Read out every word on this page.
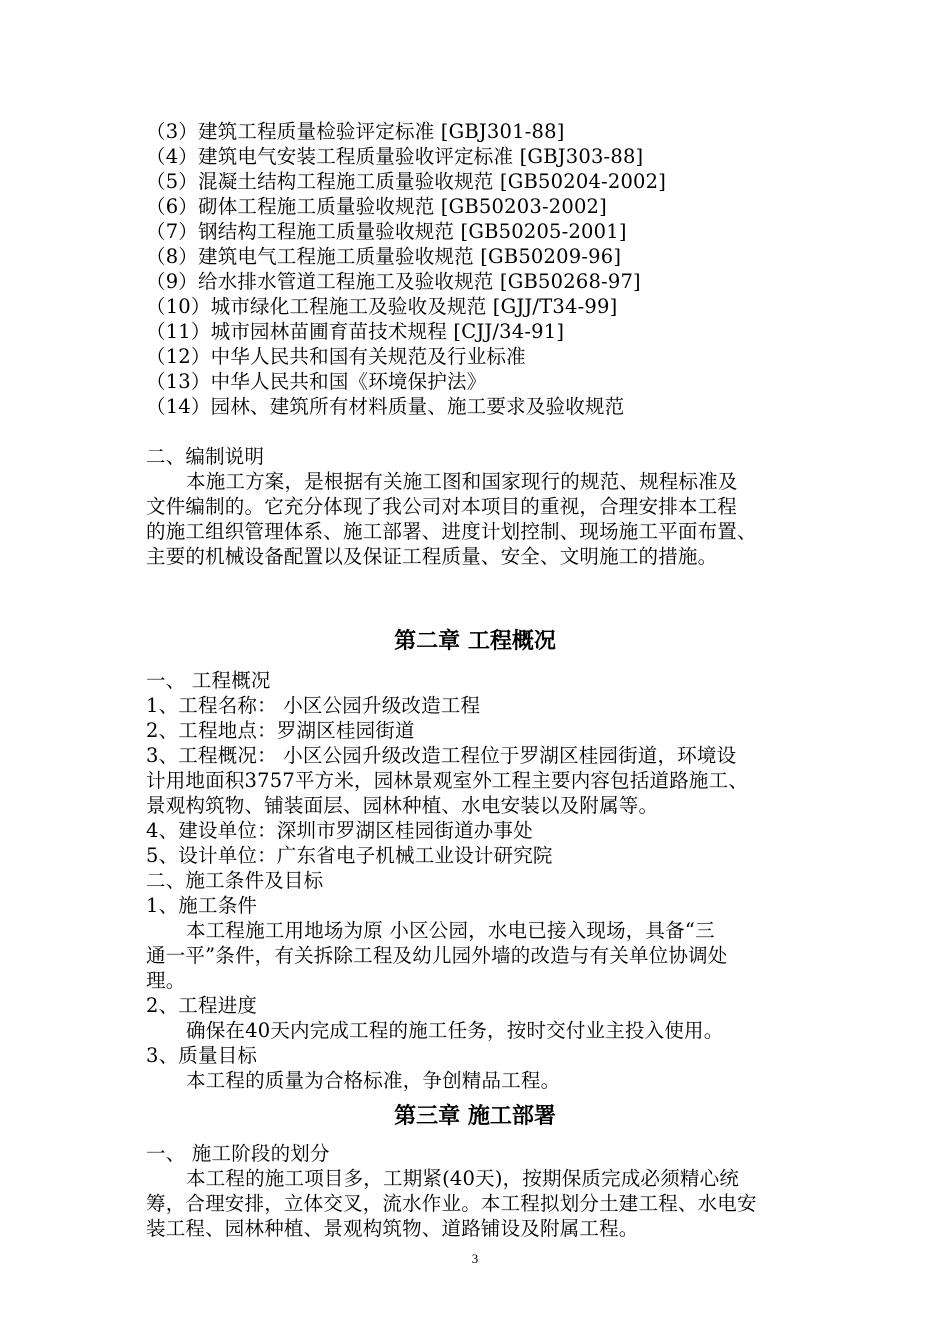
（3）建筑工程质量检验评定标准 [GBJ301-88]
（4）建筑电气安装工程质量验收评定标准 [GBJ303-88]
（5）混凝土结构工程施工质量验收规范 [GB50204-2002]
（6）砌体工程施工质量验收规范 [GB50203-2002]
（7）钢结构工程施工质量验收规范 [GB50205-2001]
（8）建筑电气工程施工质量验收规范 [GB50209-96]
（9）给水排水管道工程施工及验收规范 [GB50268-97]
（10）城市绿化工程施工及验收及规范 [GJJ/T34-99]
（11）城市园林苗圃育苗技术规程 [CJJ/34-91]
（12）中华人民共和国有关规范及行业标准
（13）中华人民共和国《环境保护法》
（14）园林、建筑所有材料质量、施工要求及验收规范
二、编制说明
本施工方案，是根据有关施工图和国家现行的规范、规程标准及
文件编制的。它充分体现了我公司对本项目的重视，合理安排本工程
的施工组织管理体系、施工部署、进度计划控制、现场施工平面布置、
主要的机械设备配置以及保证工程质量、安全、文明施工的措施。
第二章 工程概况
一、 工程概况
1、工程名称： 小区公园升级改造工程
2、工程地点：罗湖区桂园街道
3、工程概况： 小区公园升级改造工程位于罗湖区桂园街道，环境设
计用地面积3757平方米，园林景观室外工程主要内容包括道路施工、
景观构筑物、铺装面层、园林种植、水电安装以及附属等。
4、建设单位：深圳市罗湖区桂园街道办事处
5、设计单位：广东省电子机械工业设计研究院
二、施工条件及目标
1、施工条件
本工程施工用地场为原 小区公园，水电已接入现场，具备“三
通一平”条件，有关拆除工程及幼儿园外墙的改造与有关单位协调处
理。
2、工程进度
确保在40天内完成工程的施工任务，按时交付业主投入使用。
3、质量目标
本工程的质量为合格标准，争创精品工程。
第三章 施工部署
一、 施工阶段的划分
本工程的施工项目多，工期紧(40天)，按期保质完成必须精心统
筹，合理安排，立体交叉，流水作业。本工程拟划分土建工程、水电安
装工程、园林种植、景观构筑物、道路铺设及附属工程。
3
